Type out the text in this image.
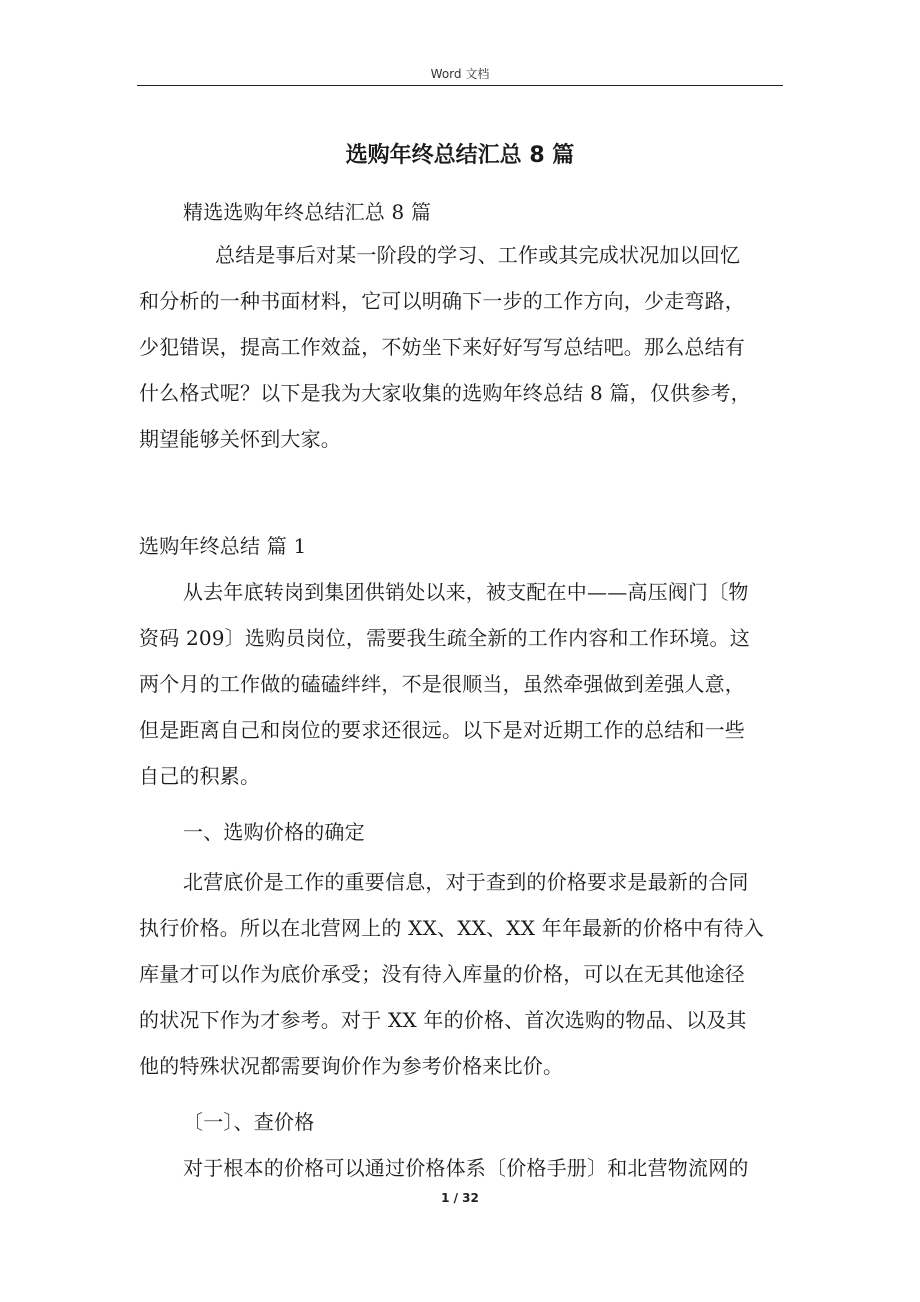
Word 文档
选购年终总结汇总 8 篇

精选选购年终总结汇总 8 篇

总结是事后对某一阶段的学习、工作或其完成状况加以回忆
和分析的一种书面材料，它可以明确下一步的工作方向，少走弯路，
少犯错误，提高工作效益，不妨坐下来好好写写总结吧。那么总结有
什么格式呢？以下是我为大家收集的选购年终总结 8 篇，仅供参考，
期望能够关怀到大家。

选购年终总结 篇 1

从去年底转岗到集团供销处以来，被支配在中——高压阀门〔物
资码 209〕选购员岗位，需要我生疏全新的工作内容和工作环境。这
两个月的工作做的磕磕绊绊，不是很顺当，虽然牵强做到差强人意，
但是距离自己和岗位的要求还很远。以下是对近期工作的总结和一些
自己的积累。

一、选购价格的确定

北营底价是工作的重要信息，对于查到的价格要求是最新的合同
执行价格。所以在北营网上的 XX、XX、XX 年年最新的价格中有待入
库量才可以作为底价承受；没有待入库量的价格，可以在无其他途径
的状况下作为才参考。对于 XX 年的价格、首次选购的物品、以及其
他的特殊状况都需要询价作为参考价格来比价。

〔一〕、查价格

对于根本的价格可以通过价格体系〔价格手册〕和北营物流网的

1 / 32
